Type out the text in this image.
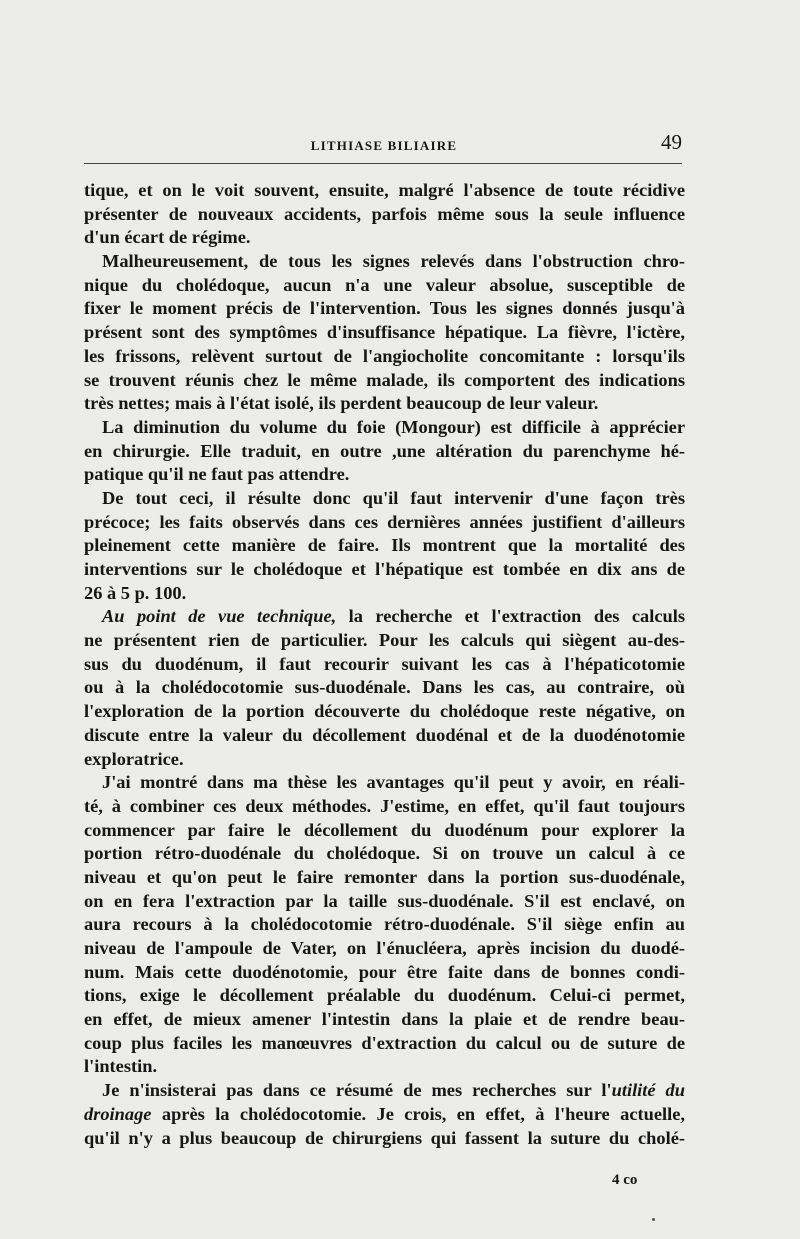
LITHIASE BILIAIRE	49
tique, et on le voit souvent, ensuite, malgré l'absence de toute récidive
présenter de nouveaux accidents, parfois même sous la seule influence
d'un écart de régime.
Malheureusement, de tous les signes relevés dans l'obstruction chro-
nique du cholédoque, aucun n'a une valeur absolue, susceptible de
fixer le moment précis de l'intervention. Tous les signes donnés jusqu'à
présent sont des symptômes d'insuffisance hépatique. La fièvre, l'ictère,
les frissons, relèvent surtout de l'angiocholite concomitante : lorsqu'ils
se trouvent réunis chez le même malade, ils comportent des indications
très nettes; mais à l'état isolé, ils perdent beaucoup de leur valeur.
La diminution du volume du foie (Mongour) est difficile à apprécier
en chirurgie. Elle traduit, en outre ,une altération du parenchyme hé-
patique qu'il ne faut pas attendre.
De tout ceci, il résulte donc qu'il faut intervenir d'une façon très
précoce; les faits observés dans ces dernières années justifient d'ailleurs
pleinement cette manière de faire. Ils montrent que la mortalité des
interventions sur le cholédoque et l'hépatique est tombée en dix ans de
26 à 5 p. 100.
Au point de vue technique, la recherche et l'extraction des calculs
ne présentent rien de particulier. Pour les calculs qui siègent au-des-
sus du duodénum, il faut recourir suivant les cas à l'hépaticotomie
ou à la cholédocotomie sus-duodénale. Dans les cas, au contraire, où
l'exploration de la portion découverte du cholédoque reste négative, on
discute entre la valeur du décollement duodénal et de la duodénotomie
exploratrice.
J'ai montré dans ma thèse les avantages qu'il peut y avoir, en réali-
té, à combiner ces deux méthodes. J'estime, en effet, qu'il faut toujours
commencer par faire le décollement du duodénum pour explorer la
portion rétro-duodénale du cholédoque. Si on trouve un calcul à ce
niveau et qu'on peut le faire remonter dans la portion sus-duodénale,
on en fera l'extraction par la taille sus-duodénale. S'il est enclavé, on
aura recours à la cholédocotomie rétro-duodénale. S'il siège enfin au
niveau de l'ampoule de Vater, on l'énucléera, après incision du duodé-
num. Mais cette duodénotomie, pour être faite dans de bonnes condi-
tions, exige le décollement préalable du duodénum. Celui-ci permet,
en effet, de mieux amener l'intestin dans la plaie et de rendre beau-
coup plus faciles les manœuvres d'extraction du calcul ou de suture de
l'intestin.
Je n'insisterai pas dans ce résumé de mes recherches sur l'utilité du
droinage après la cholédocotomie. Je crois, en effet, à l'heure actuelle,
qu'il n'y a plus beaucoup de chirurgiens qui fassent la suture du cholé-
4 co
